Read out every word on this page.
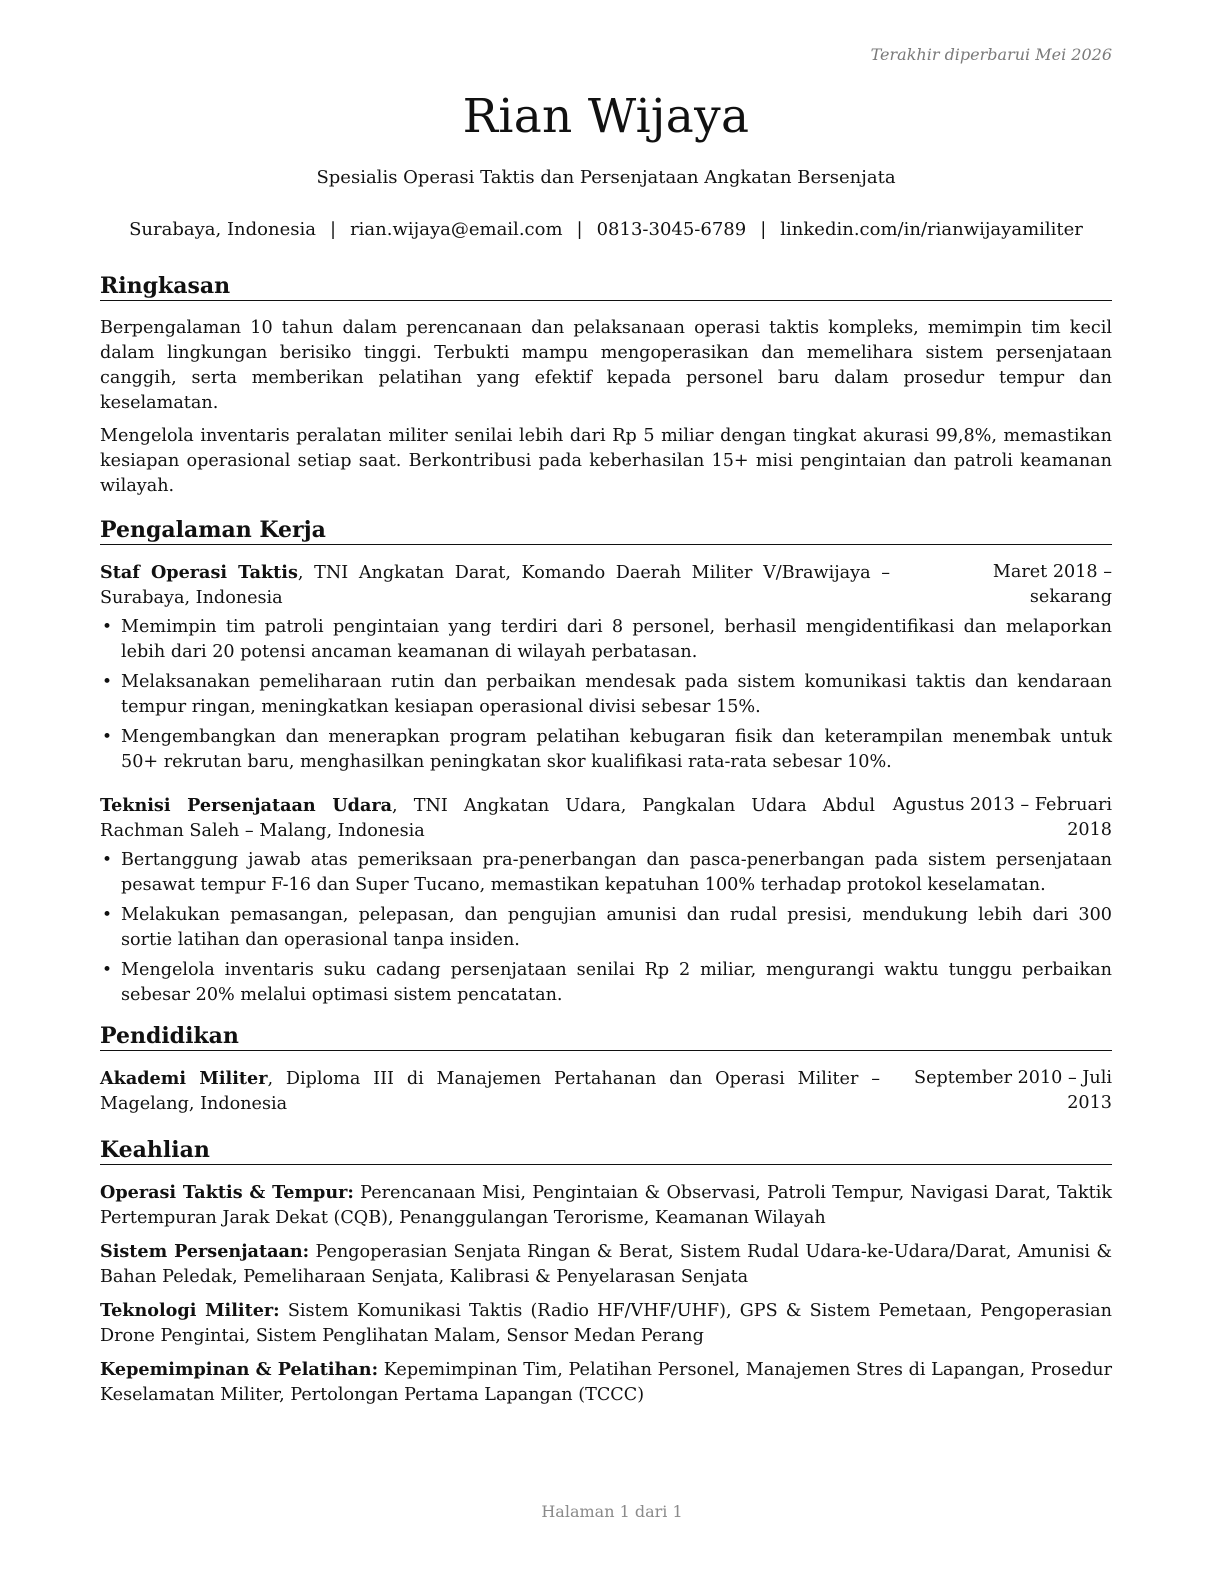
Terakhir diperbarui Mei 2026
Rian Wijaya
Spesialis Operasi Taktis dan Persenjataan Angkatan Bersenjata
Surabaya, Indonesia | rian.wijaya@email.com | 0813-3045-6789 | linkedin.com/in/rianwijayamiliter
Ringkasan

Berpengalaman 10 tahun dalam perencanaan dan pelaksanaan operasi taktis kompleks, memimpin tim kecil dalam lingkungan berisiko tinggi. Terbukti mampu mengoperasikan dan memelihara sistem persenjataan canggih, serta memberikan pelatihan yang efektif kepada personel baru dalam prosedur tempur dan keselamatan.

Mengelola inventaris peralatan militer senilai lebih dari Rp 5 miliar dengan tingkat akurasi 99,8%, memastikan kesiapan operasional setiap saat. Berkontribusi pada keberhasilan 15+ misi pengintaian dan patroli keamanan wilayah.

Pengalaman Kerja
Staf Operasi Taktis, TNI Angkatan Darat, Komando Daerah Militer V/Brawijaya – Surabaya, Indonesia
Maret 2018 – sekarang
• Memimpin tim patroli pengintaian yang terdiri dari 8 personel, berhasil mengidentifikasi dan melaporkan lebih dari 20 potensi ancaman keamanan di wilayah perbatasan.
• Melaksanakan pemeliharaan rutin dan perbaikan mendesak pada sistem komunikasi taktis dan kendaraan tempur ringan, meningkatkan kesiapan operasional divisi sebesar 15%.
• Mengembangkan dan menerapkan program pelatihan kebugaran fisik dan keterampilan menembak untuk 50+ rekrutan baru, menghasilkan peningkatan skor kualifikasi rata-rata sebesar 10%.
Teknisi Persenjataan Udara, TNI Angkatan Udara, Pangkalan Udara Abdul Rachman Saleh – Malang, Indonesia
Agustus 2013 – Februari 2018
• Bertanggung jawab atas pemeriksaan pra-penerbangan dan pasca-penerbangan pada sistem persenjataan pesawat tempur F-16 dan Super Tucano, memastikan kepatuhan 100% terhadap protokol keselamatan.
• Melakukan pemasangan, pelepasan, dan pengujian amunisi dan rudal presisi, mendukung lebih dari 300 sortie latihan dan operasional tanpa insiden.
• Mengelola inventaris suku cadang persenjataan senilai Rp 2 miliar, mengurangi waktu tunggu perbaikan sebesar 20% melalui optimasi sistem pencatatan.
Pendidikan
Akademi Militer, Diploma III di Manajemen Pertahanan dan Operasi Militer – Magelang, Indonesia
September 2010 – Juli 2013
Keahlian

Operasi Taktis & Tempur: Perencanaan Misi, Pengintaian & Observasi, Patroli Tempur, Navigasi Darat, Taktik Pertempuran Jarak Dekat (CQB), Penanggulangan Terorisme, Keamanan Wilayah

Sistem Persenjataan: Pengoperasian Senjata Ringan & Berat, Sistem Rudal Udara-ke-Udara/Darat, Amunisi & Bahan Peledak, Pemeliharaan Senjata, Kalibrasi & Penyelarasan Senjata

Teknologi Militer: Sistem Komunikasi Taktis (Radio HF/VHF/UHF), GPS & Sistem Pemetaan, Pengoperasian Drone Pengintai, Sistem Penglihatan Malam, Sensor Medan Perang

Kepemimpinan & Pelatihan: Kepemimpinan Tim, Pelatihan Personel, Manajemen Stres di Lapangan, Prosedur Keselamatan Militer, Pertolongan Pertama Lapangan (TCCC)

Halaman 1 dari 1
